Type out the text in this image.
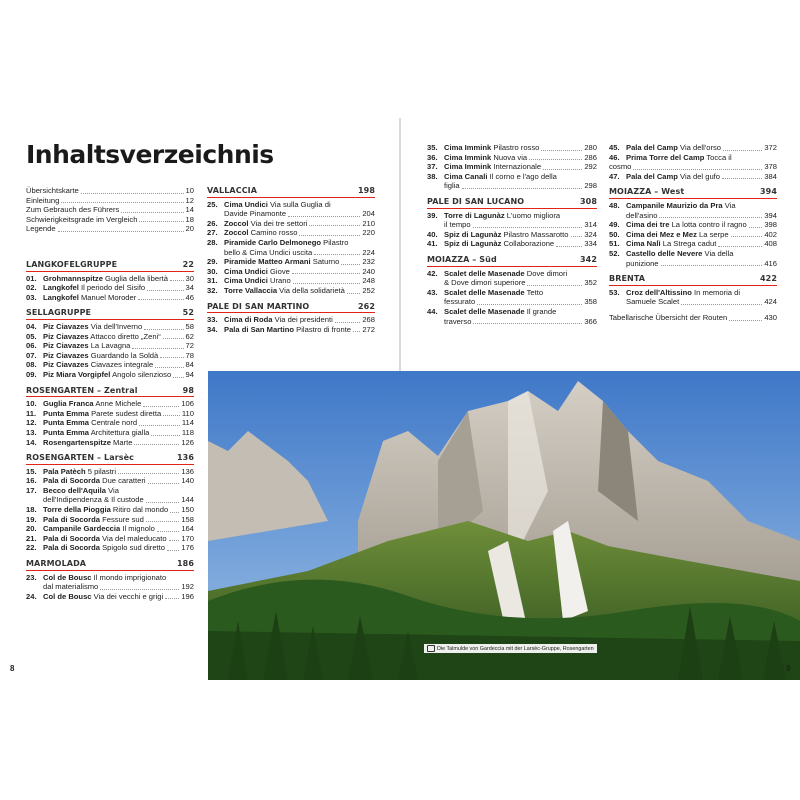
Inhaltsverzeichnis
Übersichtskarte	10
Einleitung	12
Zum Gebrauch des Führers	14
Schwierigkeitsgrade im Vergleich	18
Legende	20
LANGKOFELGRUPPE	22
01. Grohmannspitze Guglia della libertà 30
02. Langkofel Il periodo del Sisifo	34
03. Langkofel Manuel Moroder	46
SELLAGRUPPE	52
04. Piz Ciavazes Via dell'Inverno	58
05. Piz Ciavazes Attacco diretto „Zeni“	62
06. Piz Ciavazes La Lavagna	72
07. Piz Ciavazes Guardando la Soldà	78
08. Piz Ciavazes Ciavazes integrale	84
09. Piz Miara Vorgipfel Angolo silenzioso 94
ROSENGARTEN – Zentral	98
10. Guglia Franca Anne Michele	106
11. Punta Emma Parete sudest diretta	110
12. Punta Emma Centrale nord	114
13. Punta Emma Architettura gialla	118
14. Rosengartenspitze Marte	126
ROSENGARTEN – Larsèc	136
15. Pala Patèch 5 pilastri	136
16. Pala di Socorda Due caratteri	140
17. Becco dell'Aquila Via
dell'Indipendenza & Il custode	144
18. Torre della Pioggia Ritiro dal mondo 150
19. Pala di Socorda Fessure sud	158
20. Campanile Gardeccia Il mignolo	164
21. Pala di Socorda Via del maleducato 170
22. Pala di Socorda Spigolo sud diretto 176
MARMOLADA	186
23. Col de Bousc Il mondo imprigionato
dal materialismo	192
24. Col de Bousc Via dei vecchi e grigi 196
VALLACCIA	198
25. Cima Undici Via sulla Guglia di
Davide Pinamonte	204
26. Zoccol Via dei tre settori	210
27. Zoccol Camino rosso	220
28. Piramide Carlo Delmonego Pilastro
bello & Cima Undici uscita	224
29. Piramide Matteo Armani Saturno	232
30. Cima Undici Giove	240
31. Cima Undici Urano	248
32. Torre Vallaccia Via della solidarietà 252
PALE DI SAN MARTINO	262
33. Cima di Roda Via dei presidenti	268
34. Pala di San Martino Pilastro di fronte 272
35. Cima Immink Pilastro rosso	280
36. Cima Immink Nuova via	286
37. Cima Immink Internazionale	292
38. Cima Canali Il corno e l'ago della
figlia	298
PALE DI SAN LUCANO	308
39. Torre di Lagunàz L'uomo migliora
il tempo	314
40. Spiz di Lagunàz Pilastro Massarotto 324
41. Spiz di Lagunàz Collaborazione	334
MOIAZZA – Süd	342
42. Scalet delle Masenade Dove dimori
& Dove dimori superiore	352
43. Scalet delle Masenade Tetto
fessurato	358
44. Scalet delle Masenade Il grande
traverso	366
45. Pala del Camp Via dell'orso	372
46. Prima Torre del Camp Tocca il
cosmo	378
47. Pala del Camp Via del gufo	384
MOIAZZA – West	394
48. Campanile Maurizio da Pra Via
dell'asino	394
49. Cima dei tre La lotta contro il ragno 398
50. Cima dei Mez e Mez La serpe	402
51. Cima Nalì La Strega cadut	408
52. Castello delle Nevere Via della
punizione	416
BRENTA	422
53. Croz dell'Altissino In memoria di
Samuele Scalet	424
Tabellarische Übersicht der Routen	430
Die Talmulde von Gardeccia mit der Larsèc-Gruppe, Rosengarten
8	9
